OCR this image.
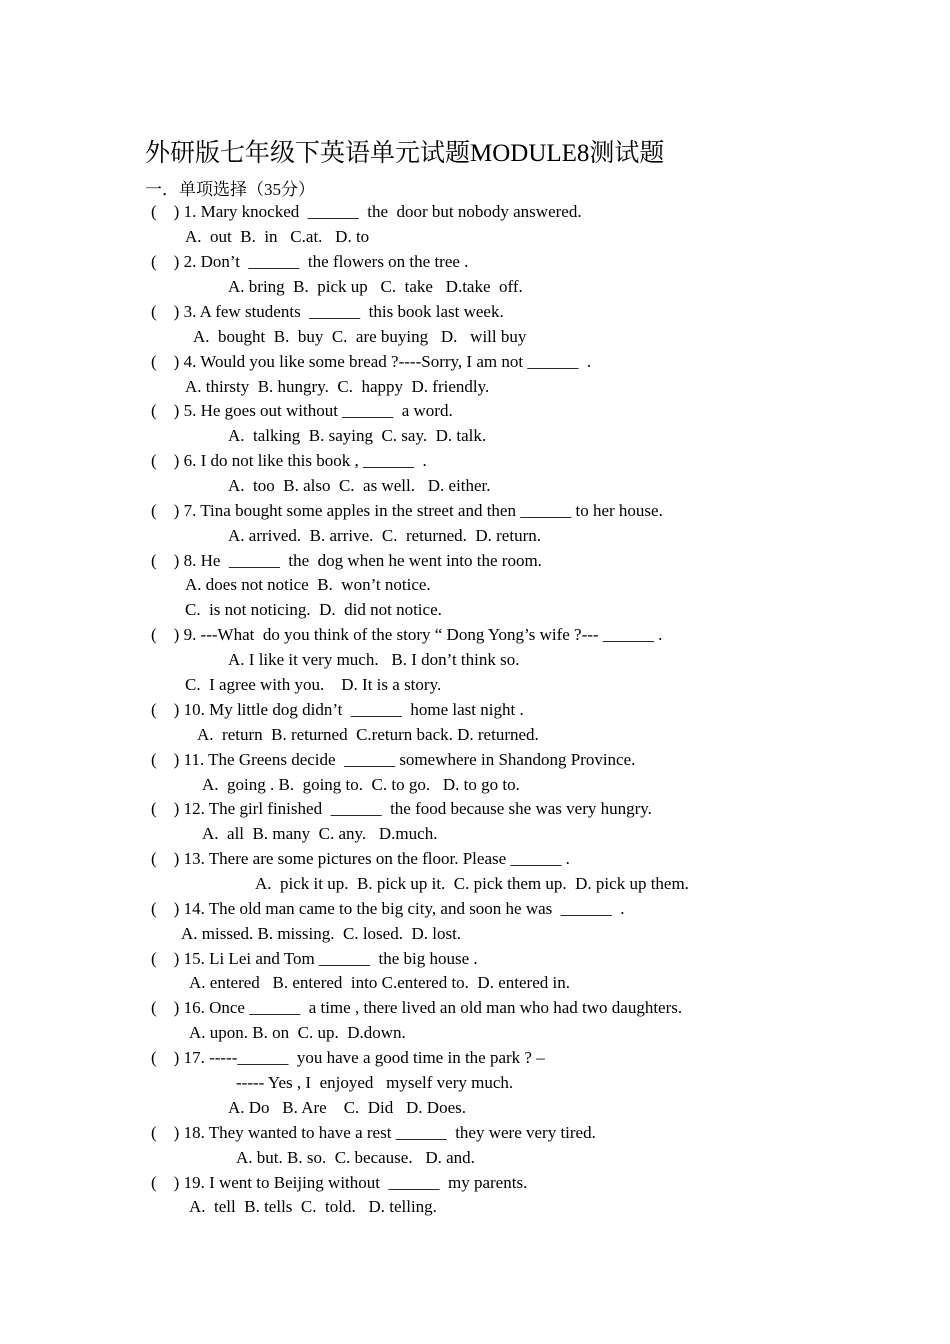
外研版七年级下英语单元试题MODULE8测试题
一．单项选择（35分）
(    ) 1. Mary knocked  ______  the  door but nobody answered.
A.  out  B.  in   C.at.   D. to
(    ) 2. Don’t  ______  the flowers on the tree .
A. bring  B.  pick up   C.  take   D.take  off.
(    ) 3. A few students  ______  this book last week.
A.  bought  B.  buy  C.  are buying   D.   will buy
(    ) 4. Would you like some bread ?----Sorry, I am not ______  .
A. thirsty  B. hungry.  C.  happy  D. friendly.
(    ) 5. He goes out without ______  a word.
A.  talking  B. saying  C. say.  D. talk.
(    ) 6. I do not like this book , ______  .
A.  too  B. also  C.  as well.   D. either.
(    ) 7. Tina bought some apples in the street and then ______ to her house.
A. arrived.  B. arrive.  C.  returned.  D. return.
(    ) 8. He  ______  the  dog when he went into the room.
A. does not notice  B.  won’t notice.
C.  is not noticing.  D.  did not notice.
(    ) 9. ---What  do you think of the story “ Dong Yong’s wife ?--- ______ .
A. I like it very much.   B. I don’t think so.
C.  I agree with you.    D. It is a story.
(    ) 10. My little dog didn’t  ______  home last night .
A.  return  B. returned  C.return back. D. returned.
(    ) 11. The Greens decide  ______ somewhere in Shandong Province.
A.  going . B.  going to.  C. to go.   D. to go to.
(    ) 12. The girl finished  ______  the food because she was very hungry.
A.  all  B. many  C. any.   D.much.
(    ) 13. There are some pictures on the floor. Please ______ .
A.  pick it up.  B. pick up it.  C. pick them up.  D. pick up them.
(    ) 14. The old man came to the big city, and soon he was  ______  .
A. missed. B. missing.  C. losed.  D. lost.
(    ) 15. Li Lei and Tom ______  the big house .
A. entered   B. entered  into C.entered to.  D. entered in.
(    ) 16. Once ______  a time , there lived an old man who had two daughters.
A. upon. B. on  C. up.  D.down.
(    ) 17. -----______  you have a good time in the park ? –
----- Yes , I  enjoyed   myself very much.
A. Do   B. Are    C.  Did   D. Does.
(    ) 18. They wanted to have a rest ______  they were very tired.
A. but. B. so.  C. because.   D. and.
(    ) 19. I went to Beijing without  ______  my parents.
A.  tell  B. tells  C.  told.   D. telling.
